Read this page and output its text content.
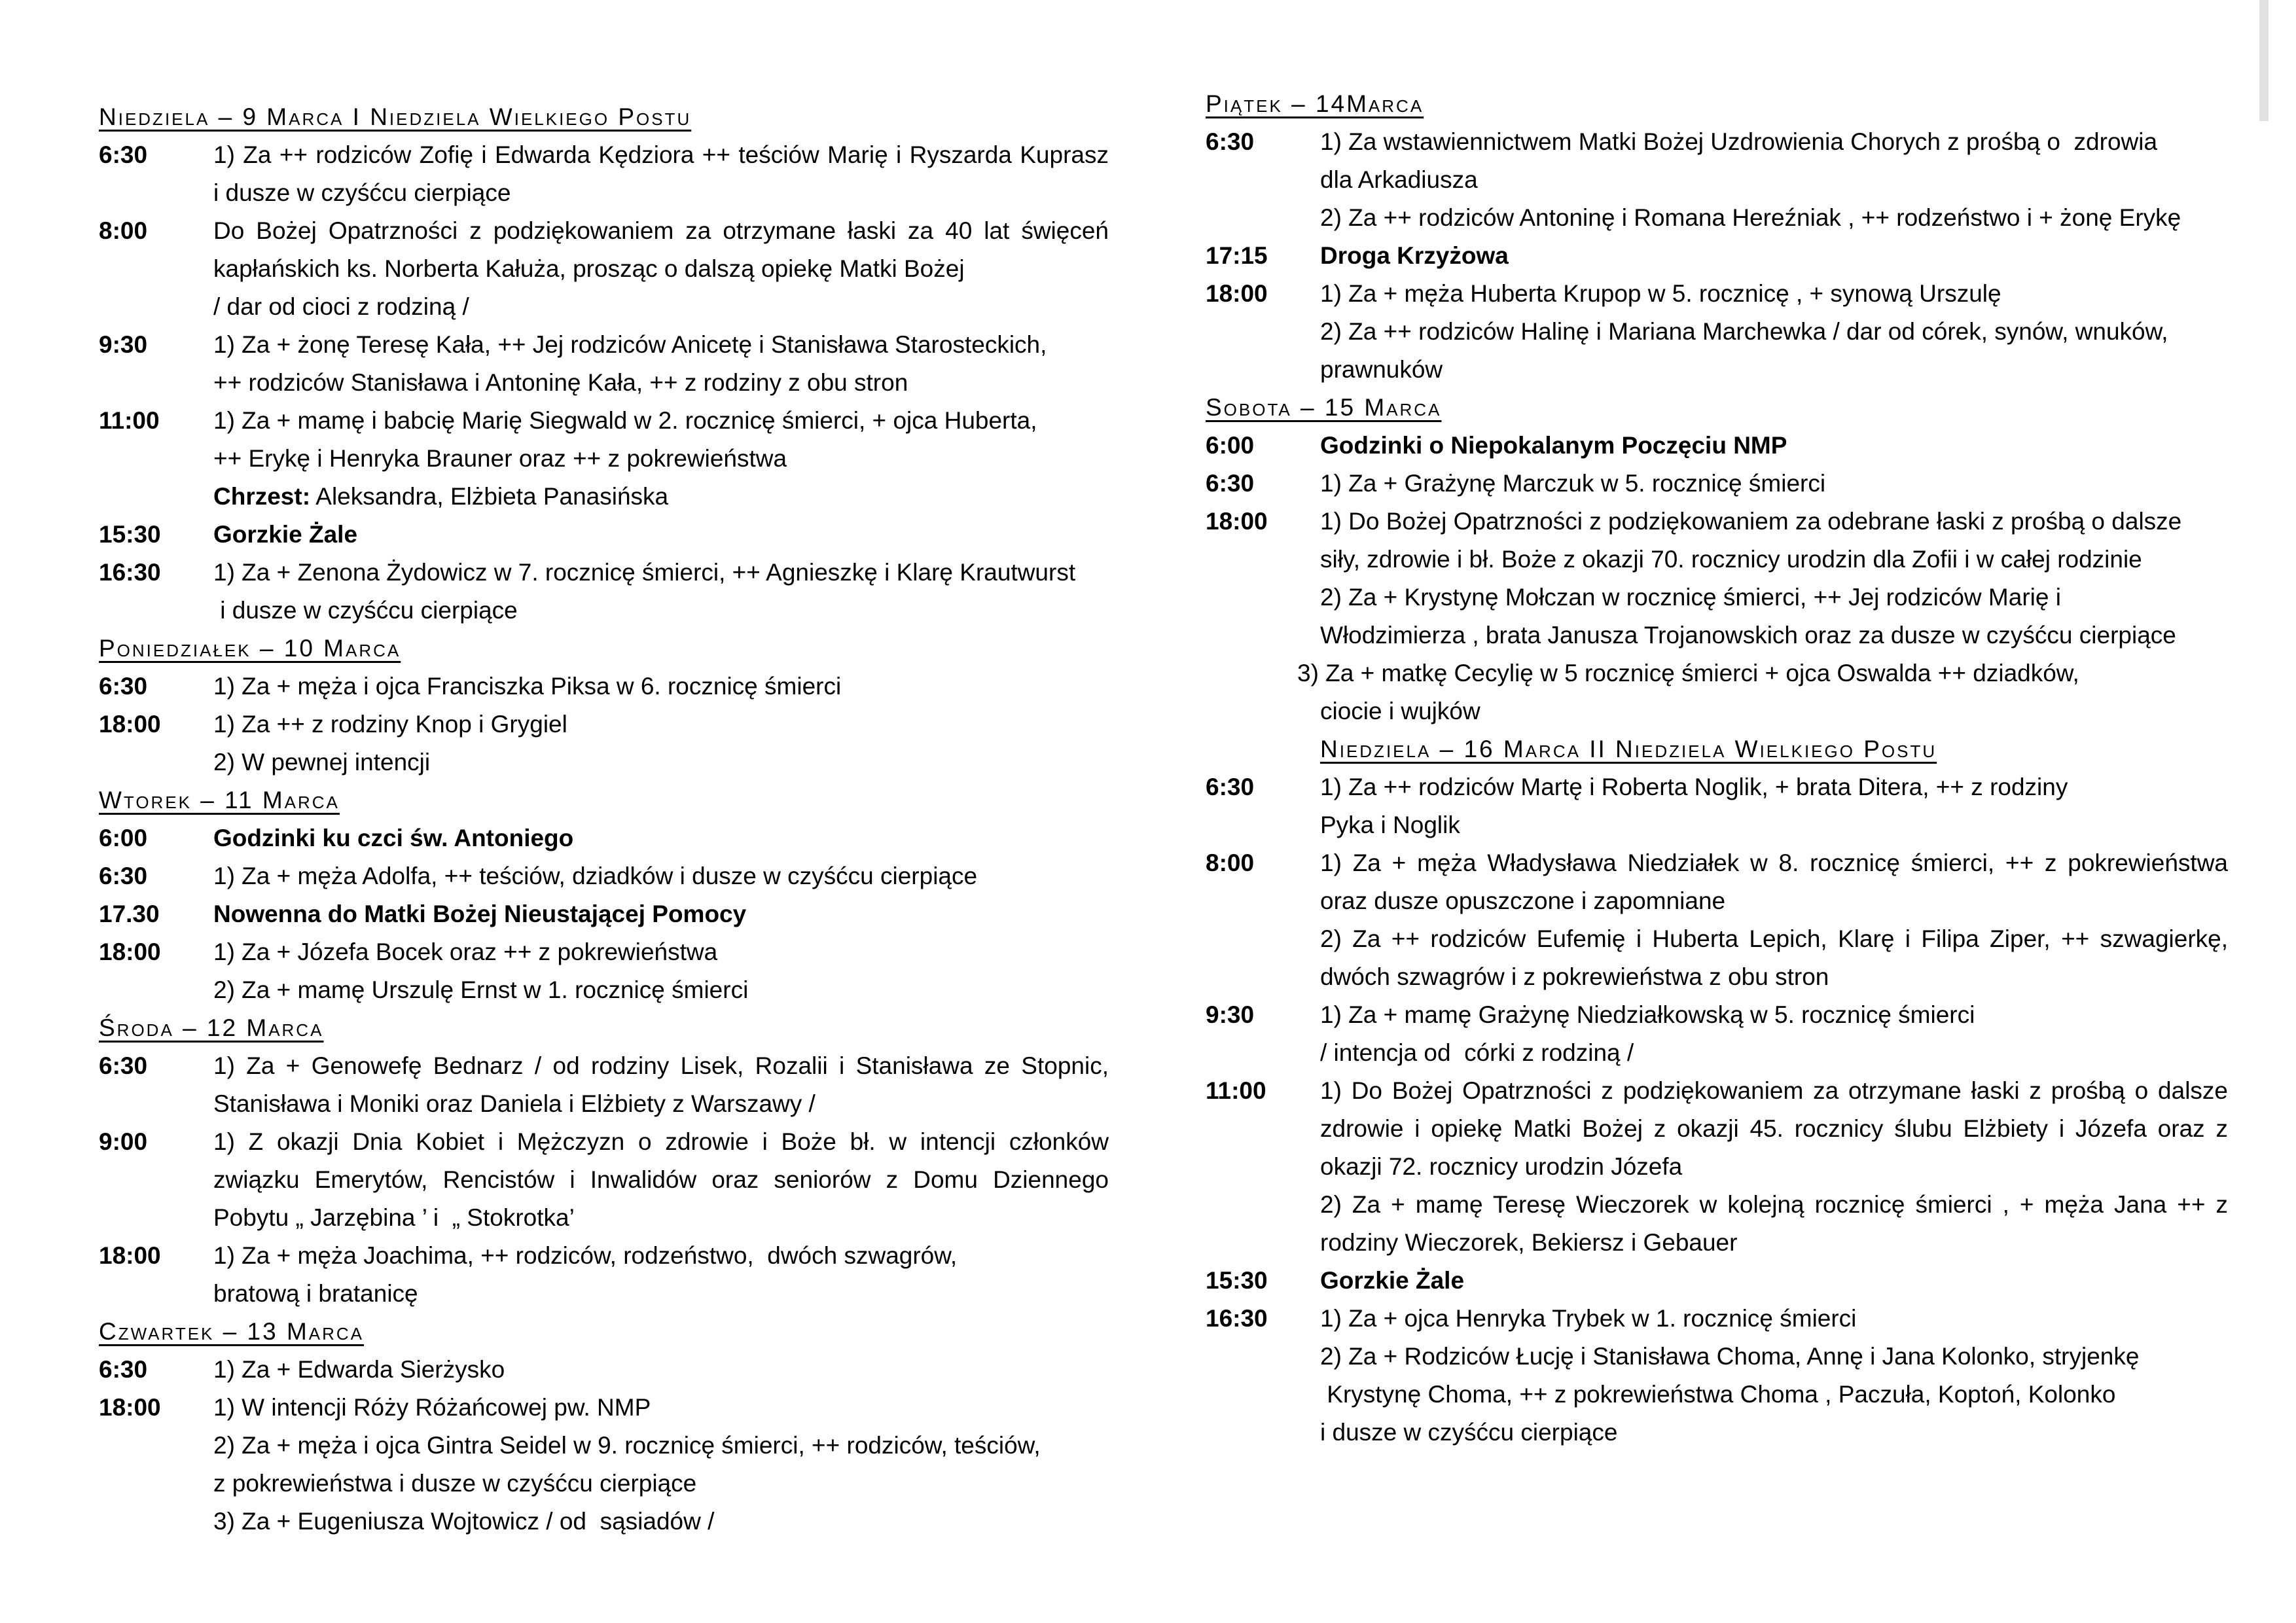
Niedziela – 9 Marca I Niedziela Wielkiego Postu
6:30	1) Za ++ rodziców Zofię i Edwarda Kędziora ++ teściów Marię i Ryszarda Kuprasz
i dusze w czyśćcu cierpiące
8:00	Do Bożej Opatrzności z podziękowaniem za otrzymane łaski za 40 lat święceń
kapłańskich ks. Norberta Kałuża, prosząc o dalszą opiekę Matki Bożej
/ dar od cioci z rodziną /
9:30	1) Za + żonę Teresę Kała, ++ Jej rodziców Anicetę i Stanisława Starosteckich,
++ rodziców Stanisława i Antoninę Kała, ++ z rodziny z obu stron
11:00	1) Za + mamę i babcię Marię Siegwald w 2. rocznicę śmierci, + ojca Huberta,
++ Erykę i Henryka Brauner oraz ++ z pokrewieństwa
Chrzest: Aleksandra, Elżbieta Panasińska
15:30	Gorzkie Żale
16:30	1) Za + Zenona Żydowicz w 7. rocznicę śmierci, ++ Agnieszkę i Klarę Krautwurst
i dusze w czyśćcu cierpiące
Poniedziałek – 10 Marca
6:30	1) Za + męża i ojca Franciszka Piksa w 6. rocznicę śmierci
18:00	1) Za ++ z rodziny Knop i Grygiel
2) W pewnej intencji
Wtorek – 11 Marca
6:00	Godzinki ku czci św. Antoniego
6:30	1) Za + męża Adolfa, ++ teściów, dziadków i dusze w czyśćcu cierpiące
17.30	Nowenna do Matki Bożej Nieustającej Pomocy
18:00	1) Za + Józefa Bocek oraz ++ z pokrewieństwa
2) Za + mamę Urszulę Ernst w 1. rocznicę śmierci
Środa – 12 Marca
6:30	1) Za + Genowefę Bednarz / od rodziny Lisek, Rozalii i Stanisława ze Stopnic,
Stanisława i Moniki oraz Daniela i Elżbiety z Warszawy /
9:00	1) Z okazji Dnia Kobiet i Mężczyzn o zdrowie i Boże bł. w intencji członków
związku Emerytów, Rencistów i Inwalidów oraz seniorów z Domu Dziennego
Pobytu „ Jarzębina ’ i  „ Stokrotka’
18:00	1) Za + męża Joachima, ++ rodziców, rodzeństwo,  dwóch szwagrów,
bratową i bratanicę
Czwartek – 13 Marca
6:30	1) Za + Edwarda Sierżysko
18:00	1) W intencji Róży Różańcowej pw. NMP
2) Za + męża i ojca Gintra Seidel w 9. rocznicę śmierci, ++ rodziców, teściów,
z pokrewieństwa i dusze w czyśćcu cierpiące
3) Za + Eugeniusza Wojtowicz / od  sąsiadów /
Piątek – 14Marca
6:30	1) Za wstawiennictwem Matki Bożej Uzdrowienia Chorych z prośbą o  zdrowia
dla Arkadiusza
2) Za ++ rodziców Antoninę i Romana Hereźniak , ++ rodzeństwo i + żonę Erykę
17:15	Droga Krzyżowa
18:00	1) Za + męża Huberta Krupop w 5. rocznicę , + synową Urszulę
2) Za ++ rodziców Halinę i Mariana Marchewka / dar od córek, synów, wnuków,
prawnuków
Sobota – 15 Marca
6:00	Godzinki o Niepokalanym Poczęciu NMP
6:30	1) Za + Grażynę Marczuk w 5. rocznicę śmierci
18:00	1) Do Bożej Opatrzności z podziękowaniem za odebrane łaski z prośbą o dalsze
siły, zdrowie i bł. Boże z okazji 70. rocznicy urodzin dla Zofii i w całej rodzinie
2) Za + Krystynę Mołczan w rocznicę śmierci, ++ Jej rodziców Marię i
Włodzimierza , brata Janusza Trojanowskich oraz za dusze w czyśćcu cierpiące
3) Za + matkę Cecylię w 5 rocznicę śmierci + ojca Oswalda ++ dziadków,
ciocie i wujków
Niedziela – 16 Marca II Niedziela Wielkiego Postu
6:30	1) Za ++ rodziców Martę i Roberta Noglik, + brata Ditera, ++ z rodziny
Pyka i Noglik
8:00	1) Za + męża Władysława Niedziałek w 8. rocznicę śmierci, ++ z pokrewieństwa
oraz dusze opuszczone i zapomniane
2) Za ++ rodziców Eufemię i Huberta Lepich, Klarę i Filipa Ziper, ++ szwagierkę,
dwóch szwagrów i z pokrewieństwa z obu stron
9:30	1) Za + mamę Grażynę Niedziałkowską w 5. rocznicę śmierci
/ intencja od  córki z rodziną /
11:00	1) Do Bożej Opatrzności z podziękowaniem za otrzymane łaski z prośbą o dalsze
zdrowie i opiekę Matki Bożej z okazji 45. rocznicy ślubu Elżbiety i Józefa oraz z
okazji 72. rocznicy urodzin Józefa
2) Za + mamę Teresę Wieczorek w kolejną rocznicę śmierci , + męża Jana ++ z
rodziny Wieczorek, Bekiersz i Gebauer
15:30	Gorzkie Żale
16:30	1) Za + ojca Henryka Trybek w 1. rocznicę śmierci
2) Za + Rodziców Łucję i Stanisława Choma, Annę i Jana Kolonko, stryjenkę
Krystynę Choma, ++ z pokrewieństwa Choma , Paczuła, Koptoń, Kolonko
i dusze w czyśćcu cierpiące
